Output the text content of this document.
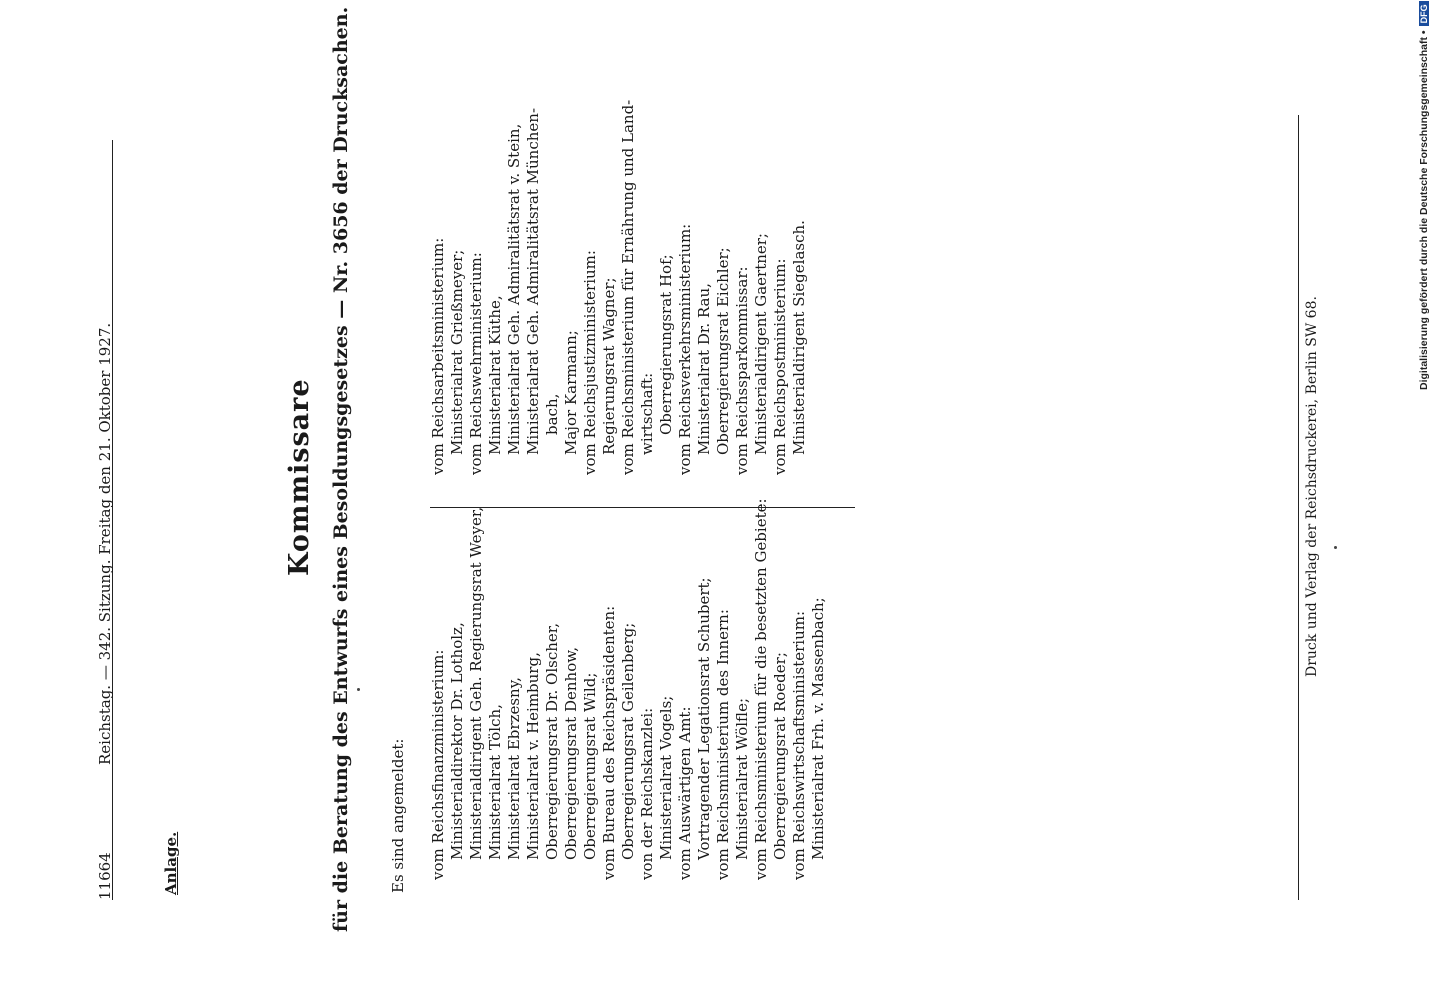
11664
Reichstag. — 342. Sitzung. Freitag den 21. Oktober 1927.
Anlage.
Kommissare für die Beratung des Entwurfs eines Besoldungsgesetzes — Nr. 3656 der Drucksachen. Es sind angemeldet: vom Reichsfinanzministerium: Ministerialdirektor Dr. Lotholz, Ministerialdirigent Geh. Regierungsrat Weyer, Ministerialrat Tölch, Ministerialrat Ebrzesny, Ministerialrat v. Heimburg, Oberregierungsrat Dr. Olscher, Oberregierungsrat Denhow, Oberregierungsrat Wild; vom Bureau des Reichspräsidenten: Oberregierungsrat Geilenberg; von der Reichskanzlei: Ministerialrat Vogels; vom Auswärtigen Amt: Vortragender Legationsrat Schubert; vom Reichsministerium des Innern: Ministerialrat Wölfle; vom Reichsministerium für die besetzten Gebiete: Oberregierungsrat Roeder; vom Reichswirtschaftsministerium: Ministerialrat Frh. v. Massenbach;
vom Reichsarbeitsministerium: Ministerialrat Grießmeyer; vom Reichswehrministerium: Ministerialrat Küthe, Ministerialrat Geh. Admiralitätsrat v. Stein, Ministerialrat Geh. Admiralitätsrat München- bach, Major Karmann; vom Reichsjustizministerium: Regierungsrat Wagner; vom Reichsministerium für Ernährung und Land- wirtschaft: Oberregierungsrat Hof; vom Reichsverkehrsministerium: Ministerialrat Dr. Rau, Oberregierungsrat Eichler; vom Reichssparkommissar: Ministerialdirigent Gaertner; vom Reichspostministerium: Ministerialdirigent Siegelasch.	Druck und Verlag der Reichsdruckerei, Berlin SW 68.
Digitalisierung gefördert durch die Deutsche Forschungsgemeinschaft •DFG
